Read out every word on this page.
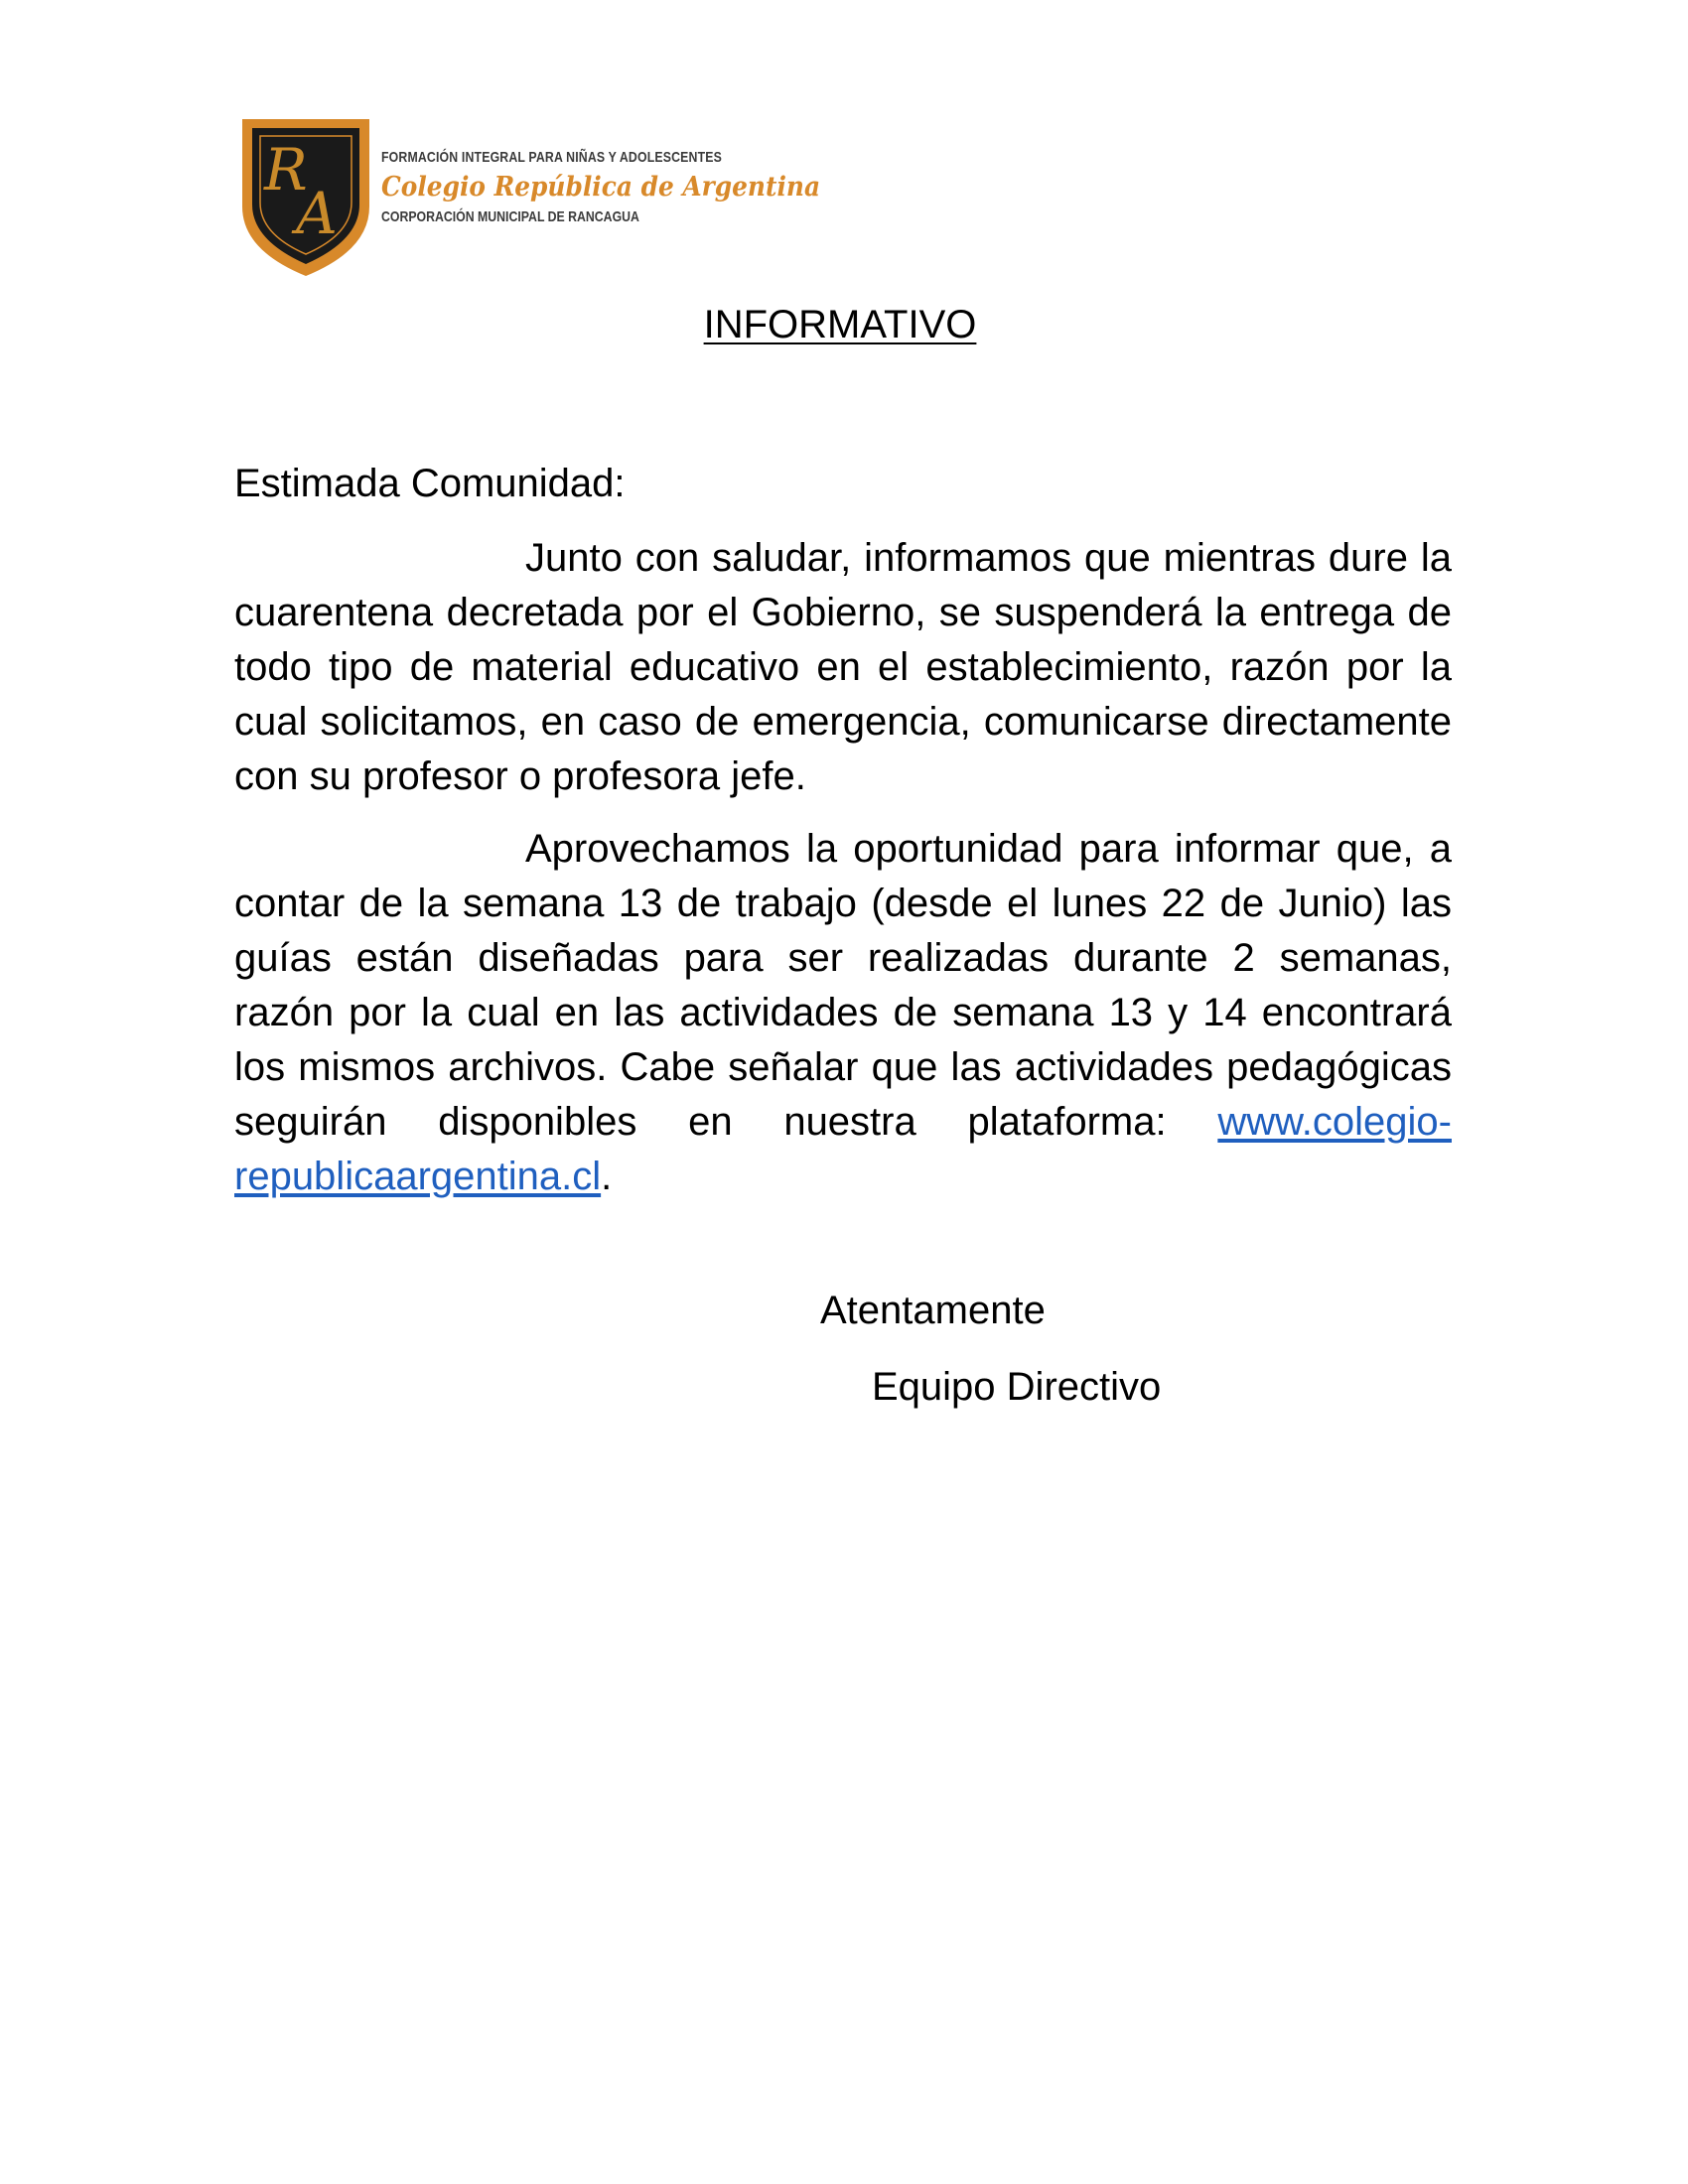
R
A
FORMACIÓN INTEGRAL PARA NIÑAS Y ADOLESCENTES
Colegio República de Argentina
CORPORACIÓN MUNICIPAL DE RANCAGUA
INFORMATIVO

Estimada Comunidad:

Junto con saludar, informamos que mientras dure la cuarentena decretada por el Gobierno, se suspenderá la entrega de todo tipo de material educativo en el establecimiento, razón por la cual solicitamos, en caso de emergencia, comunicarse directamente con su profesor o profesora jefe.

Aprovechamos la oportunidad para informar que, a contar de la semana 13 de trabajo (desde el lunes 22 de Junio) las guías están diseñadas para ser realizadas durante 2 semanas, razón por la cual en las actividades de semana 13 y 14 encontrará los mismos archivos. Cabe señalar que las actividades pedagógicas seguirán disponibles en nuestra plataforma: www.colegio-republicaargentina.cl.

Atentamente
Equipo Directivo
